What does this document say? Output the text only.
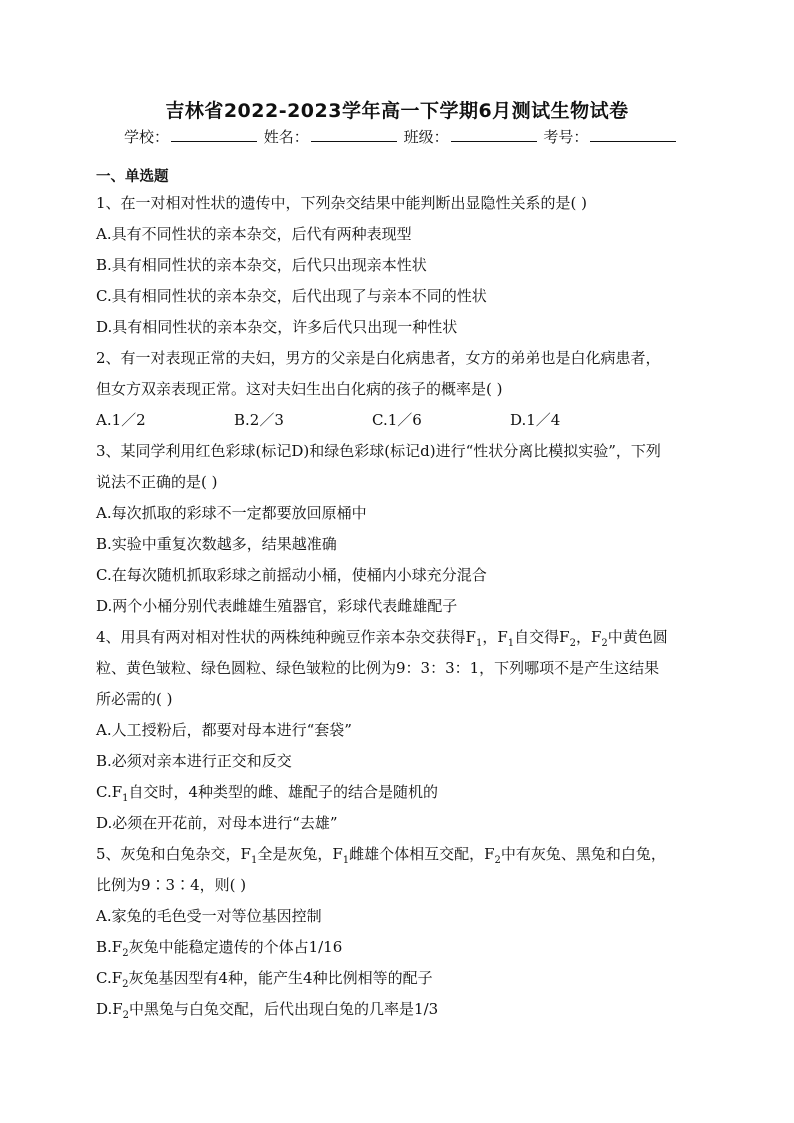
吉林省2022-2023学年高一下学期6月测试生物试卷
学校：	姓名：	班级：	考号：
一、单选题
1、在一对相对性状的遗传中，下列杂交结果中能判断出显隐性关系的是( )
A.具有不同性状的亲本杂交，后代有两种表现型
B.具有相同性状的亲本杂交，后代只出现亲本性状
C.具有相同性状的亲本杂交，后代出现了与亲本不同的性状
D.具有相同性状的亲本杂交，许多后代只出现一种性状
2、有一对表现正常的夫妇，男方的父亲是白化病患者，女方的弟弟也是白化病患者，
但女方双亲表现正常。这对夫妇生出白化病的孩子的概率是( )
A.1／2	B.2／3	C.1／6	D.1／4
3、某同学利用红色彩球(标记D)和绿色彩球(标记d)进行“性状分离比模拟实验”，下列
说法不正确的是( )
A.每次抓取的彩球不一定都要放回原桶中
B.实验中重复次数越多，结果越准确
C.在每次随机抓取彩球之前摇动小桶，使桶内小球充分混合
D.两个小桶分别代表雌雄生殖器官，彩球代表雌雄配子
4、用具有两对相对性状的两株纯种豌豆作亲本杂交获得$F_1$，$F_1$自交得$F_2$，$F_2$中黄色圆
粒、黄色皱粒、绿色圆粒、绿色皱粒的比例为9：3：3：1，下列哪项不是产生这结果
所必需的( )
A.人工授粉后，都要对母本进行“套袋”
B.必须对亲本进行正交和反交
$C.F_1$自交时，4种类型的雌、雄配子的结合是随机的
D.必须在开花前，对母本进行“去雄”
5、灰兔和白兔杂交，$F_1$全是灰兔，$F_1$雌雄个体相互交配，$F_2$中有灰兔、黑兔和白兔，
比例为9∶3∶4，则( )
A.家兔的毛色受一对等位基因控制
$B.F_2$灰兔中能稳定遗传的个体占1/16
$C.F_2$灰兔基因型有4种，能产生4种比例相等的配子
$D.F_2$中黑兔与白兔交配，后代出现白兔的几率是1/3
